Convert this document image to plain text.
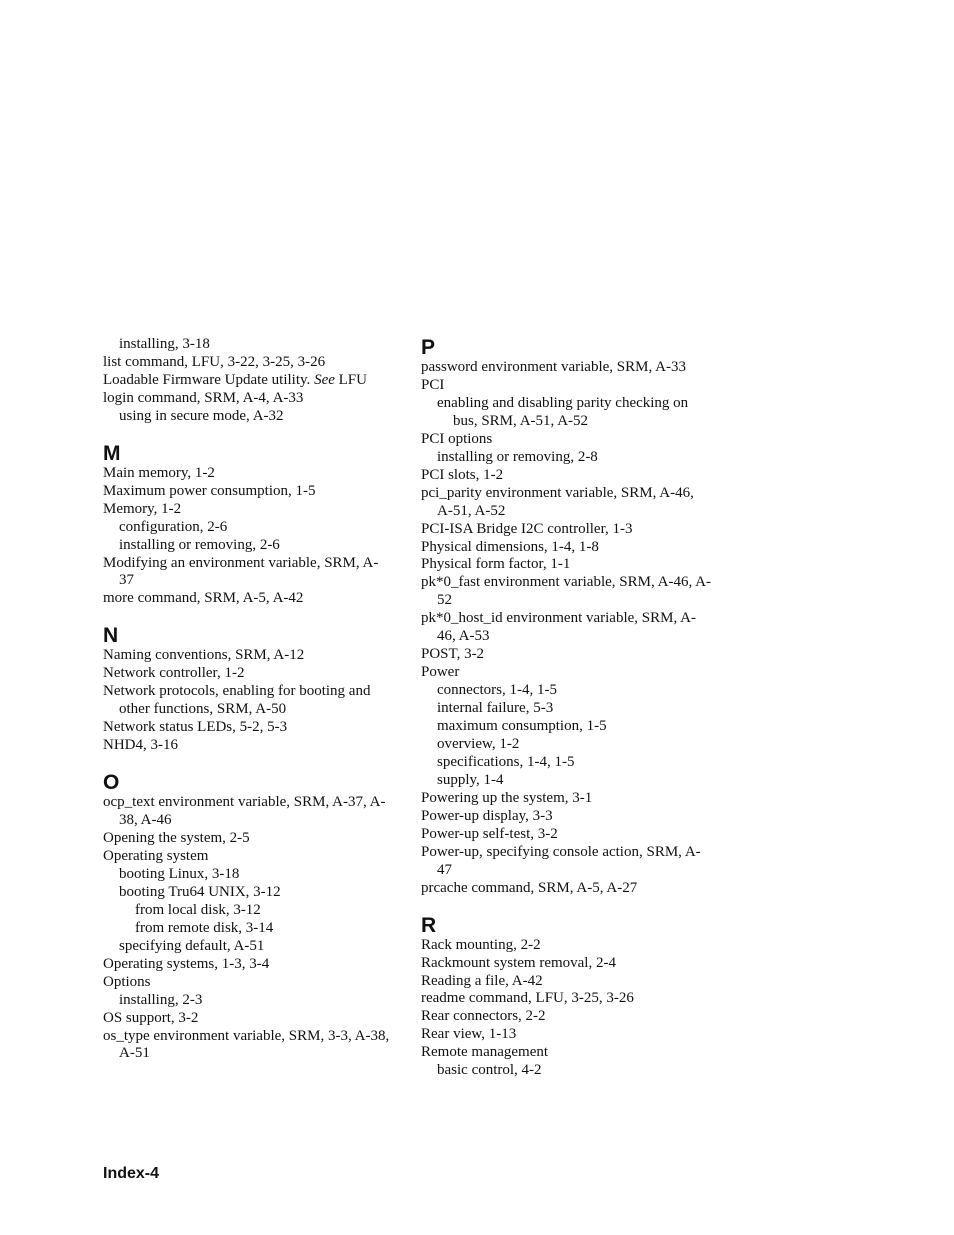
installing, 3-18

list command, LFU, 3-22, 3-25, 3-26

Loadable Firmware Update utility. See LFU

login command, SRM, A-4, A-33

using in secure mode, A-32

M

Main memory, 1-2

Maximum power consumption, 1-5

Memory, 1-2

configuration, 2-6

installing or removing, 2-6

Modifying an environment variable, SRM, A-37

more command, SRM, A-5, A-42

N

Naming conventions, SRM, A-12

Network controller, 1-2

Network protocols, enabling for booting and other functions, SRM, A-50

Network status LEDs, 5-2, 5-3

NHD4, 3-16

O

ocp_text environment variable, SRM, A-37, A-38, A-46

Opening the system, 2-5

Operating system

booting Linux, 3-18

booting Tru64 UNIX, 3-12

from local disk, 3-12

from remote disk, 3-14

specifying default, A-51

Operating systems, 1-3, 3-4

Options

installing, 2-3

OS support, 3-2

os_type environment variable, SRM, 3-3, A-38, A-51

P

password environment variable, SRM, A-33

PCI

enabling and disabling parity checking on bus, SRM, A-51, A-52

PCI options

installing or removing, 2-8

PCI slots, 1-2

pci_parity environment variable, SRM, A-46, A-51, A-52

PCI-ISA Bridge I2C controller, 1-3

Physical dimensions, 1-4, 1-8

Physical form factor, 1-1

pk*0_fast environment variable, SRM, A-46, A-52

pk*0_host_id environment variable, SRM, A-46, A-53

POST, 3-2

Power

connectors, 1-4, 1-5

internal failure, 5-3

maximum consumption, 1-5

overview, 1-2

specifications, 1-4, 1-5

supply, 1-4

Powering up the system, 3-1

Power-up display, 3-3

Power-up self-test, 3-2

Power-up, specifying console action, SRM, A-47

prcache command, SRM, A-5, A-27

R

Rack mounting, 2-2

Rackmount system removal, 2-4

Reading a file, A-42

readme command, LFU, 3-25, 3-26

Rear connectors, 2-2

Rear view, 1-13

Remote management

basic control, 4-2

Index-4
